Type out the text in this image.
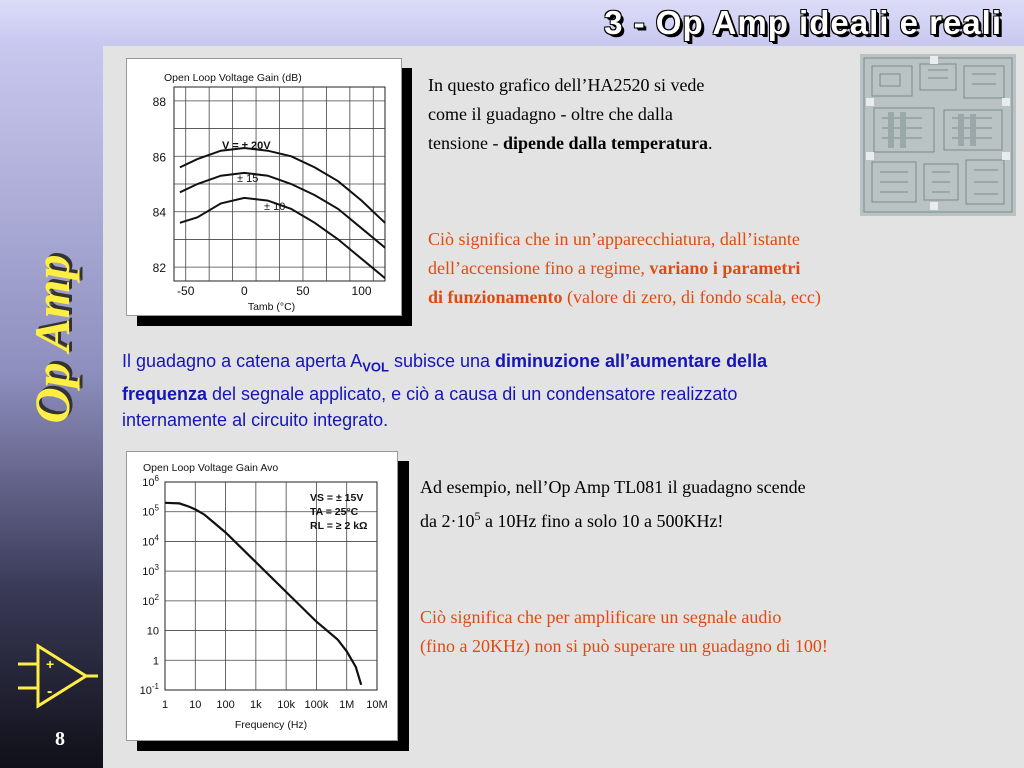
3 - Op Amp ideali e reali
Op Amp
+
-
8
Open Loop Voltage Gain (dB)
-50	0	50	100
88
86
84
82
Tamb (°C)
V = ± 20V
± 15
± 10
Open Loop Voltage Gain Avo
1 10 100 1k 10k 100k 1M 10M
$10^6$
$10^5$
$10^4$
$10^3$
$10^2$
10
1
$10^{-1}$
Frequency (Hz)
VS = ± 15V
TA = 25°C
RL = ≥ 2 kΩ
In questo grafico dell’HA2520 si vede
come il guadagno - oltre che dalla
tensione - dipende dalla temperatura.
Ciò significa che in un’apparecchiatura, dall’istante
dell’accensione fino a regime, variano i parametri
di funzionamento (valore di zero, di fondo scala, ecc)
Il guadagno a catena aperta $A_{VOL}$ subisce una diminuzione all’aumentare della
frequenza del segnale applicato, e ciò a causa di un condensatore realizzato
internamente al circuito integrato.
Ad esempio, nell’Op Amp TL081 il guadagno scende
da $2\cdot 10^5$ a 10Hz fino a solo 10 a 500KHz!
Ciò significa che per amplificare un segnale audio
(fino a 20KHz) non si può superare un guadagno di 100!
